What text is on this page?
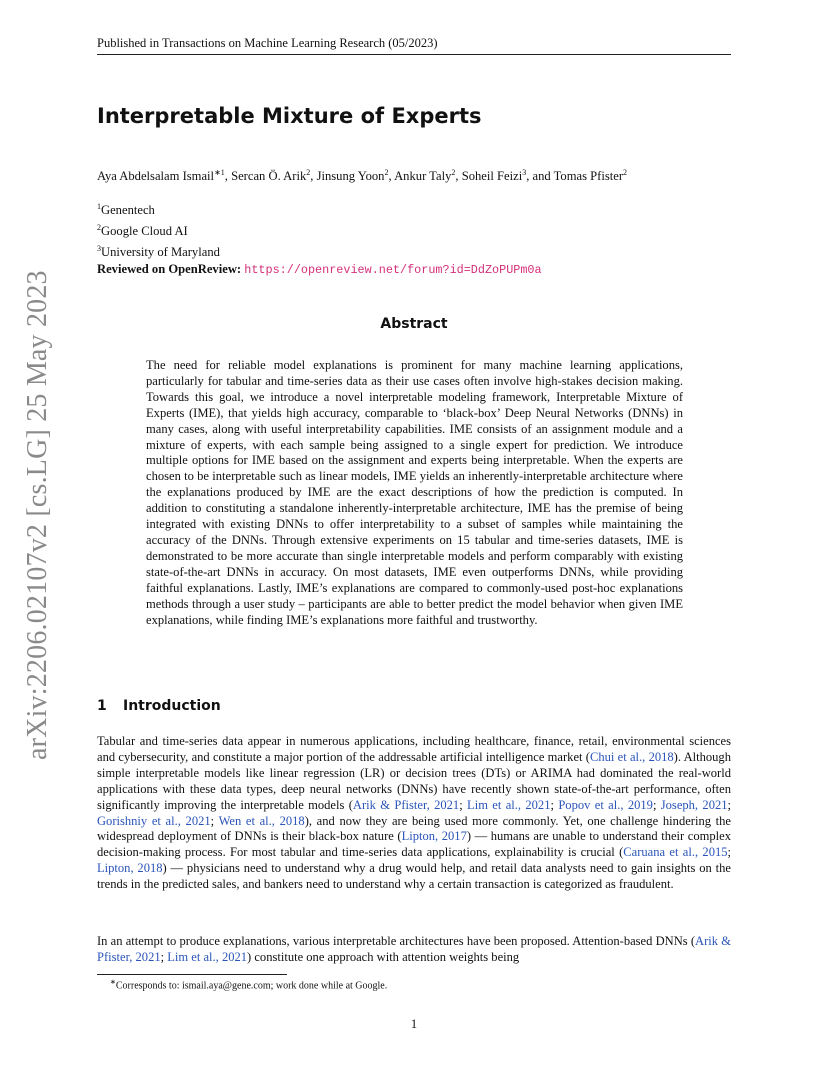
Published in Transactions on Machine Learning Research (05/2023)
arXiv:2206.02107v2 [cs.LG] 25 May 2023
Interpretable Mixture of Experts
Aya Abdelsalam Ismail$^{∗1}$, Sercan Ö. Arik$^2$, Jinsung Yoon$^2$, Ankur Taly$^2$, Soheil Feizi$^3$, and Tomas Pfister$^2$
$^1$Genentech
$^2$Google Cloud AI
$^3$University of Maryland
Reviewed on OpenReview: https://openreview.net/forum?id=DdZoPUPm0a
Abstract

The need for reliable model explanations is prominent for many machine learning applications, particularly for tabular and time-series data as their use cases often involve high-stakes decision making. Towards this goal, we introduce a novel interpretable modeling framework, Interpretable Mixture of Experts (IME), that yields high accuracy, comparable to ‘black-box’ Deep Neural Networks (DNNs) in many cases, along with useful interpretability capabilities. IME consists of an assignment module and a mixture of experts, with each sample being assigned to a single expert for prediction. We introduce multiple options for IME based on the assignment and experts being interpretable. When the experts are chosen to be interpretable such as linear models, IME yields an inherently-interpretable architecture where the explanations produced by IME are the exact descriptions of how the prediction is computed. In addition to constituting a standalone inherently-interpretable architecture, IME has the premise of being integrated with existing DNNs to offer interpretability to a subset of samples while maintaining the accuracy of the DNNs. Through extensive experiments on 15 tabular and time-series datasets, IME is demonstrated to be more accurate than single interpretable models and perform comparably with existing state-of-the-art DNNs in accuracy. On most datasets, IME even outperforms DNNs, while providing faithful explanations. Lastly, IME’s explanations are compared to commonly-used post-hoc explanations methods through a user study – participants are able to better predict the model behavior when given IME explanations, while finding IME’s explanations more faithful and trustworthy.

1 Introduction

Tabular and time-series data appear in numerous applications, including healthcare, finance, retail, environmental sciences and cybersecurity, and constitute a major portion of the addressable artificial intelligence market (Chui et al., 2018). Although simple interpretable models like linear regression (LR) or decision trees (DTs) or ARIMA had dominated the real-world applications with these data types, deep neural networks (DNNs) have recently shown state-of-the-art performance, often significantly improving the interpretable models (Arik & Pfister, 2021; Lim et al., 2021; Popov et al., 2019; Joseph, 2021; Gorishniy et al., 2021; Wen et al., 2018), and now they are being used more commonly. Yet, one challenge hindering the widespread deployment of DNNs is their black-box nature (Lipton, 2017) — humans are unable to understand their complex decision-making process. For most tabular and time-series data applications, explainability is crucial (Caruana et al., 2015; Lipton, 2018) — physicians need to understand why a drug would help, and retail data analysts need to gain insights on the trends in the predicted sales, and bankers need to understand why a certain transaction is categorized as fraudulent.

In an attempt to produce explanations, various interpretable architectures have been proposed. Attention-based DNNs (Arik & Pfister, 2021; Lim et al., 2021) constitute one approach with attention weights being

∗Corresponds to: ismail.aya@gene.com; work done while at Google.
1
